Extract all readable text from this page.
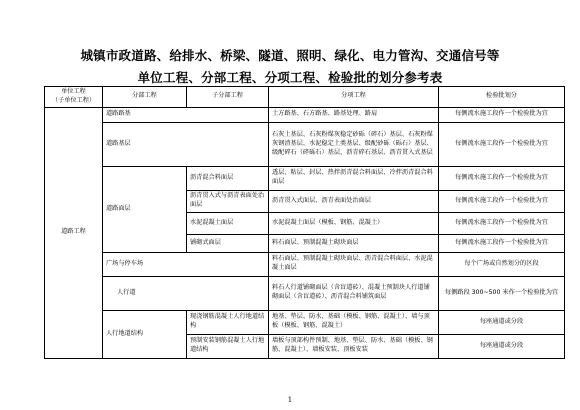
城镇市政道路、给排水、桥梁、隧道、照明、绿化、电力管沟、交通信号等
单位工程、分部工程、分项工程、检验批的划分参考表
单位工程
（子单位工程）	分部工程	子分部工程	分项工程	检验批划分
道路工程	道路路基		土方路基、石方路基、路基处理、路肩	每侧流水施工段作一个检验批为宜
	道路基层		石灰土基层、石灰粉煤灰稳定砂砾（碎石）基层、石灰粉煤灰钢渣基层、水泥稳定土类基层、级配砂砾（砾石）基层、级配碎石（碎砾石）基层、沥青碎石基层、沥青贯入式基层	每侧流水施工段作一个检验批为宜
	道路面层	沥青混合料面层	透层、粘层、封层、热拌沥青混合料面层、冷拌沥青混合料面层	每侧流水施工段作一个检验批为宜
		沥青贯入式与沥青表面处治面层	沥青贯入式面层、沥青表面处治面层	每侧流水施工段作一个检验批为宜
		水泥混凝土面层	水泥混凝土面层（模板、钢筋、混凝土）	每侧流水施工段作一个检验批为宜
		铺砌式面层	料石面层、预制混凝土砌块面层	每侧流水施工段作一个检验批为宜
	广场与停车场		料石面层、预制混凝土砌块面层、沥青混合料面层、水泥混凝土面层	每个广场或自然划分的区段
	人行道		料石人行道铺砌面层（含盲道砖）、混凝土预制块人行道铺砌面层（含盲道砖）、沥青混合料铺筑面层	每侧路段 300~500 米作一个检验批为宜
	人行地道结构	现浇钢筋混凝土人行地道结构	地基、垫层、防水、基础（模板、钢筋、混凝土）、墙与顶板（模板、钢筋、混凝土）	每座通道或分段
		预制安装钢筋混凝土人行地道结构	墙板与顶部构件预制、地基、垫层、防水、基础（模板、钢筋、混凝土）、墙板安装、顶板安装	每座通道或分段
1
